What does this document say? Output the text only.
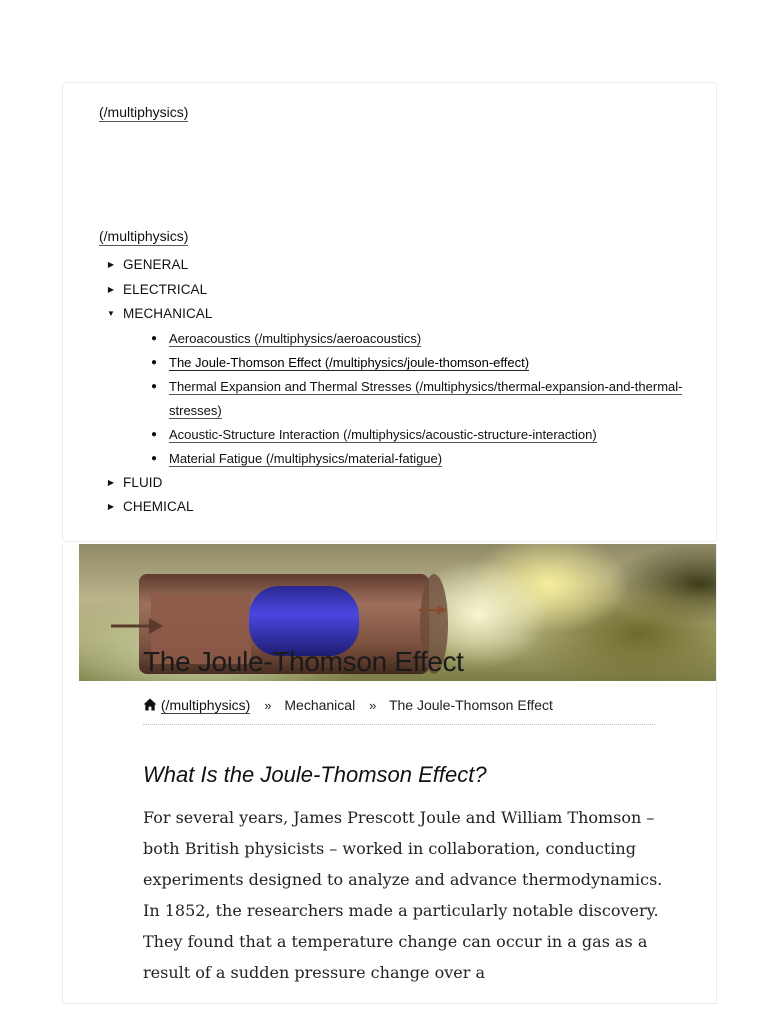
(/multiphysics)
(/multiphysics)
▶ GENERAL
▶ ELECTRICAL
▼ MECHANICAL
● Aeroacoustics (/multiphysics/aeroacoustics)
● The Joule-Thomson Effect (/multiphysics/joule-thomson-effect)
● Thermal Expansion and Thermal Stresses (/multiphysics/thermal-expansion-and-thermal-stresses)
● Acoustic-Structure Interaction (/multiphysics/acoustic-structure-interaction)
● Material Fatigue (/multiphysics/material-fatigue)
▶ FLUID
▶ CHEMICAL
The Joule-Thomson Effect
(/multiphysics) » Mechanical » The Joule-Thomson Effect
What Is the Joule-Thomson Effect?

For several years, James Prescott Joule and William Thomson – both British physicists – worked in collaboration, conducting experiments designed to analyze and advance thermodynamics. In 1852, the researchers made a particularly notable discovery. They found that a temperature change can occur in a gas as a result of a sudden pressure change over a
